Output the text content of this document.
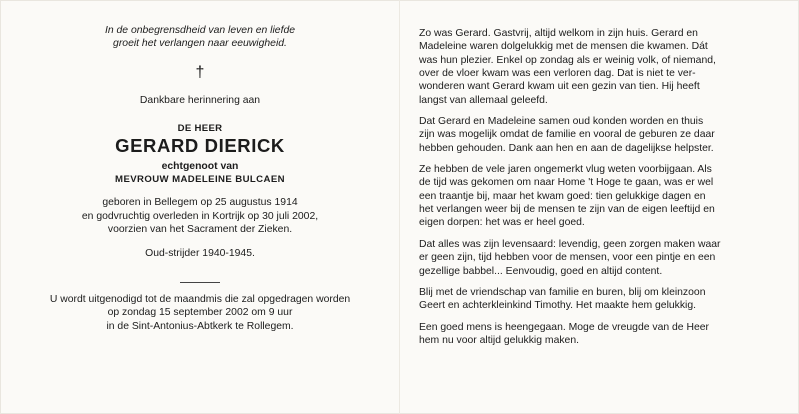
In de onbegrensdheid van leven en liefde
groeit het verlangen naar eeuwigheid.
†
Dankbare herinnering aan
DE HEER
GERARD DIERICK
echtgenoot van
MEVROUW MADELEINE BULCAEN
geboren in Bellegem op 25 augustus 1914
en godvruchtig overleden in Kortrijk op 30 juli 2002,
voorzien van het Sacrament der Zieken.
Oud-strijder 1940-1945.
U wordt uitgenodigd tot de maandmis die zal opgedragen worden
op zondag 15 september 2002 om 9 uur
in de Sint-Antonius-Abtkerk te Rollegem.

Zo was Gerard. Gastvrij, altijd welkom in zijn huis. Gerard en
Madeleine waren dolgelukkig met de mensen die kwamen. Dát
was hun plezier. Enkel op zondag als er weinig volk, of niemand,
over de vloer kwam was een verloren dag. Dat is niet te ver-
wonderen want Gerard kwam uit een gezin van tien. Hij heeft
langst van allemaal geleefd.

Dat Gerard en Madeleine samen oud konden worden en thuis
zijn was mogelijk omdat de familie en vooral de geburen ze daar
hebben gehouden. Dank aan hen en aan de dagelijkse helpster.

Ze hebben de vele jaren ongemerkt vlug weten voorbijgaan. Als
de tijd was gekomen om naar Home 't Hoge te gaan, was er wel
een traantje bij, maar het kwam goed: tien gelukkige dagen en
het verlangen weer bij de mensen te zijn van de eigen leeftijd en
eigen dorpen: het was er heel goed.

Dat alles was zijn levensaard: levendig, geen zorgen maken waar
er geen zijn, tijd hebben voor de mensen, voor een pintje en een
gezellige babbel... Eenvoudig, goed en altijd content.

Blij met de vriendschap van familie en buren, blij om kleinzoon
Geert en achterkleinkind Timothy. Het maakte hem gelukkig.

Een goed mens is heengegaan. Moge de vreugde van de Heer
hem nu voor altijd gelukkig maken.
